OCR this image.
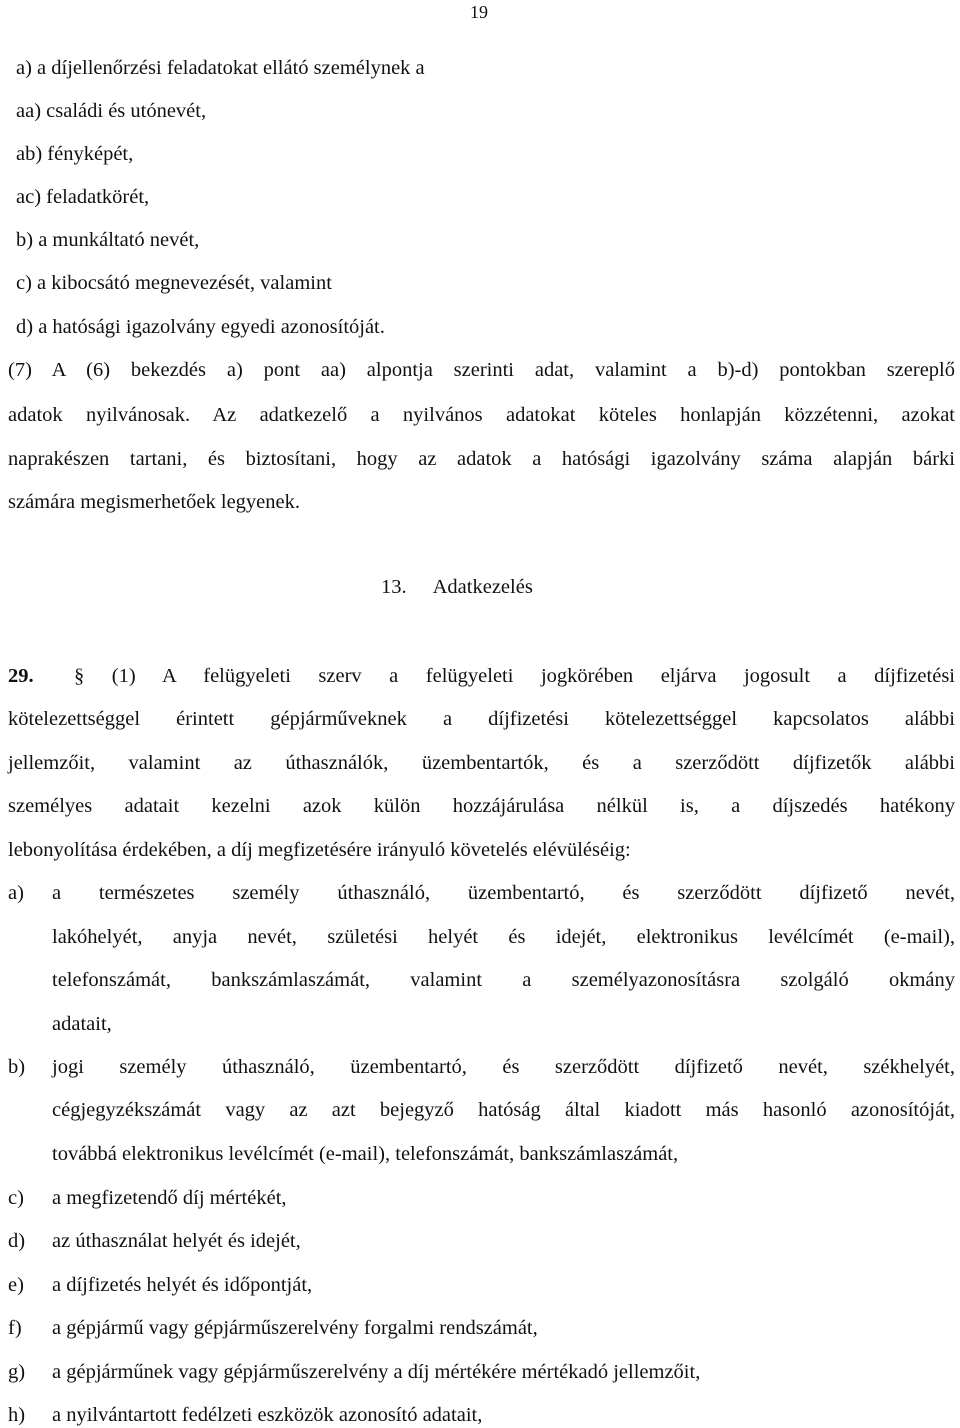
19
a) a díjellenőrzési feladatokat ellátó személynek a
aa) családi és utónevét,
ab) fényképét,
ac) feladatkörét,
b) a munkáltató nevét,
c) a kibocsátó megnevezését, valamint
d) a hatósági igazolvány egyedi azonosítóját.
(7) A (6) bekezdés a) pont aa) alpontja szerinti adat, valamint a b)-d) pontokban szereplő
adatok nyilvánosak. Az adatkezelő a nyilvános adatokat köteles honlapján közzétenni, azokat
naprakészen tartani, és biztosítani, hogy az adatok a hatósági igazolvány száma alapján bárki
számára megismerhetőek legyenek.
13. Adatkezelés
29. § (1) A felügyeleti szerv a felügyeleti jogkörében eljárva jogosult a díjfizetési
kötelezettséggel érintett gépjárműveknek a díjfizetési kötelezettséggel kapcsolatos alábbi
jellemzőit, valamint az úthasználók, üzembentartók, és a szerződött díjfizetők alábbi
személyes adatait kezelni azok külön hozzájárulása nélkül is, a díjszedés hatékony
lebonyolítása érdekében, a díj megfizetésére irányuló követelés elévüléséig:
a) a természetes személy úthasználó, üzembentartó, és szerződött díjfizető nevét,
lakóhelyét, anyja nevét, születési helyét és idejét, elektronikus levélcímét (e-mail),
telefonszámát, bankszámlaszámát, valamint a személyazonosításra szolgáló okmány
adatait,
b) jogi személy úthasználó, üzembentartó, és szerződött díjfizető nevét, székhelyét,
cégjegyzékszámát vagy az azt bejegyző hatóság által kiadott más hasonló azonosítóját,
továbbá elektronikus levélcímét (e-mail), telefonszámát, bankszámlaszámát,
c) a megfizetendő díj mértékét,
d) az úthasználat helyét és idejét,
e) a díjfizetés helyét és időpontját,
f) a gépjármű vagy gépjárműszerelvény forgalmi rendszámát,
g) a gépjárműnek vagy gépjárműszerelvény a díj mértékére mértékadó jellemzőit,
h) a nyilvántartott fedélzeti eszközök azonosító adatait,
